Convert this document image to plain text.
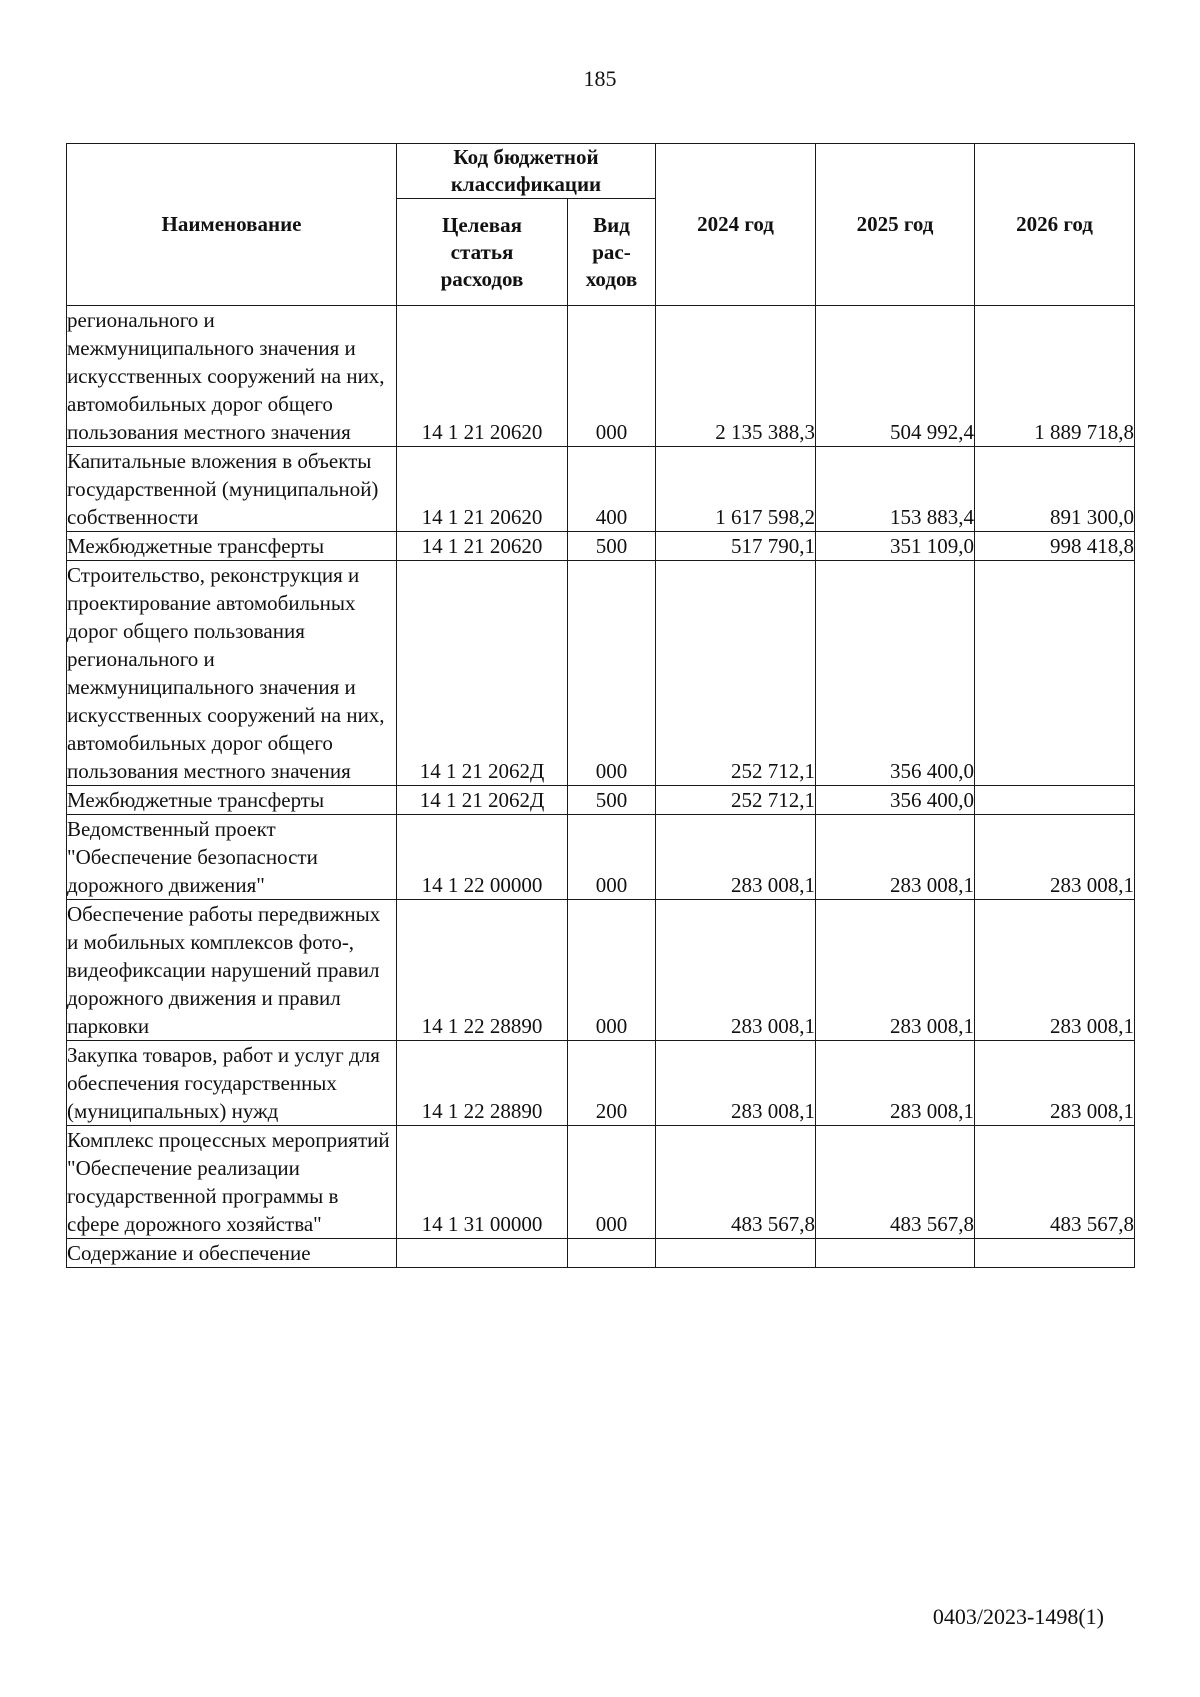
185
Наименование	Код бюджетной классификации		2024 год	2025 год	2026 год
	Целевая статья расходов	Вид рас-ходов			
регионального и межмуниципального значения и искусственных сооружений на них, автомобильных дорог общего пользования местного значения	14 1 21 20620	000	2 135 388,3	504 992,4	1 889 718,8
Капитальные вложения в объекты государственной (муниципальной) собственности	14 1 21 20620	400	1 617 598,2	153 883,4	891 300,0
Межбюджетные трансферты	14 1 21 20620	500	517 790,1	351 109,0	998 418,8
Строительство, реконструкция и проектирование автомобильных дорог общего пользования регионального и межмуниципального значения и искусственных сооружений на них, автомобильных дорог общего пользования местного значения	14 1 21 2062Д	000	252 712,1	356 400,0	
Межбюджетные трансферты	14 1 21 2062Д	500	252 712,1	356 400,0	
Ведомственный проект "Обеспечение безопасности дорожного движения"	14 1 22 00000	000	283 008,1	283 008,1	283 008,1
Обеспечение работы передвижных и мобильных комплексов фото-, видеофиксации нарушений правил дорожного движения и правил парковки	14 1 22 28890	000	283 008,1	283 008,1	283 008,1
Закупка товаров, работ и услуг для обеспечения государственных (муниципальных) нужд	14 1 22 28890	200	283 008,1	283 008,1	283 008,1
Комплекс процессных мероприятий "Обеспечение реализации государственной программы в сфере дорожного хозяйства"	14 1 31 00000	000	483 567,8	483 567,8	483 567,8
Содержание и обеспечение					
0403/2023-1498(1)
